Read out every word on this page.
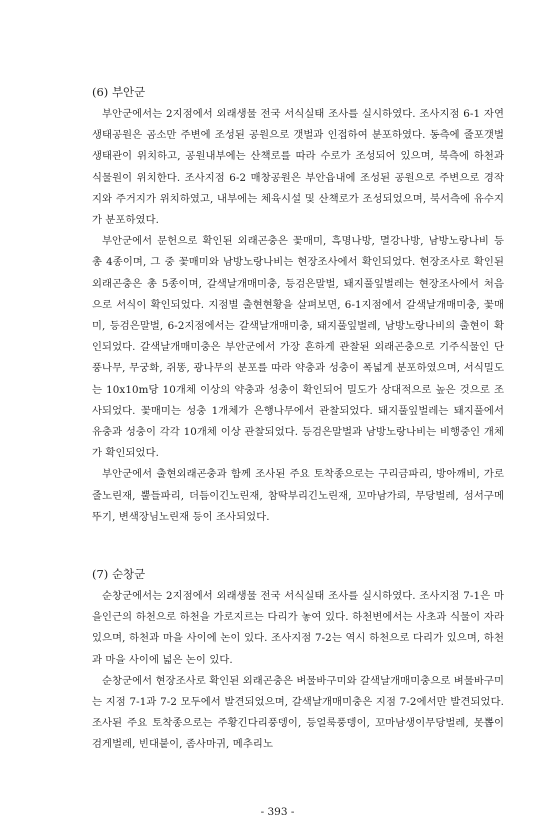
(6) 부안군

부안군에서는 2지점에서 외래생물 전국 서식실태 조사를 실시하였다. 조사지점 6-1 자연생태공원은 곰소만 주변에 조성된 공원으로 갯벌과 인접하여 분포하였다. 동측에 줄포갯벌생태관이 위치하고, 공원내부에는 산책로를 따라 수로가 조성되어 있으며, 북측에 하천과 식물원이 위치한다. 조사지점 6-2 매창공원은 부안읍내에 조성된 공원으로 주변으로 경작지와 주거지가 위치하였고, 내부에는 체육시설 및 산책로가 조성되었으며, 북서측에 유수지가 분포하였다.

부안군에서 문헌으로 확인된 외래곤충은 꽃매미, 흑명나방, 멸강나방, 남방노랑나비 등 총 4종이며, 그 중 꽃매미와 남방노랑나비는 현장조사에서 확인되었다. 현장조사로 확인된 외래곤충은 총 5종이며, 갈색날개매미충, 등검은말벌, 돼지풀잎벌레는 현장조사에서 처음으로 서식이 확인되었다. 지점별 출현현황을 살펴보면, 6-1지점에서 갈색날개매미충, 꽃매미, 등검은말벌, 6-2지점에서는 갈색날개매미충, 돼지풀잎벌레, 남방노랑나비의 출현이 확인되었다. 갈색날개매미충은 부안군에서 가장 흔하게 관찰된 외래곤충으로 기주식물인 단풍나무, 무궁화, 쥐똥, 광나무의 분포를 따라 약충과 성충이 폭넓게 분포하였으며, 서식밀도는 10x10m당 10개체 이상의 약충과 성충이 확인되어 밀도가 상대적으로 높은 것으로 조사되었다. 꽃매미는 성충 1개체가 은행나무에서 관찰되었다. 돼지풀잎벌레는 돼지풀에서 유충과 성충이 각각 10개체 이상 관찰되었다. 등검은말벌과 남방노랑나비는 비행중인 개체가 확인되었다.

부안군에서 출현외래곤충과 함께 조사된 주요 토착종으로는 구리금파리, 방아깨비, 가로줄노린재, 뿔들파리, 더듬이긴노린재, 참딱부리긴노린재, 꼬마남가뢰, 무당벌레, 섬서구메뚜기, 변색장님노린재 등이 조사되었다.

(7) 순창군

순창군에서는 2지점에서 외래생물 전국 서식실태 조사를 실시하였다. 조사지점 7-1은 마을인근의 하천으로 하천을 가로지르는 다리가 놓여 있다. 하천변에서는 사초과 식물이 자라 있으며, 하천과 마을 사이에 논이 있다. 조사지점 7-2는 역시 하천으로 다리가 있으며, 하천과 마을 사이에 넓은 논이 있다.

순창군에서 현장조사로 확인된 외래곤충은 벼물바구미와 갈색날개매미충으로 벼물바구미는 지점 7-1과 7-2 모두에서 발견되었으며, 갈색날개매미충은 지점 7-2에서만 발견되었다. 조사된 주요 토착종으로는 주황긴다리풍뎅이, 등얼룩풍뎅이, 꼬마남생이무당벌레, 못뽑이검게벌레, 빈대붙이, 좀사마귀, 메추리노

- 393 -
